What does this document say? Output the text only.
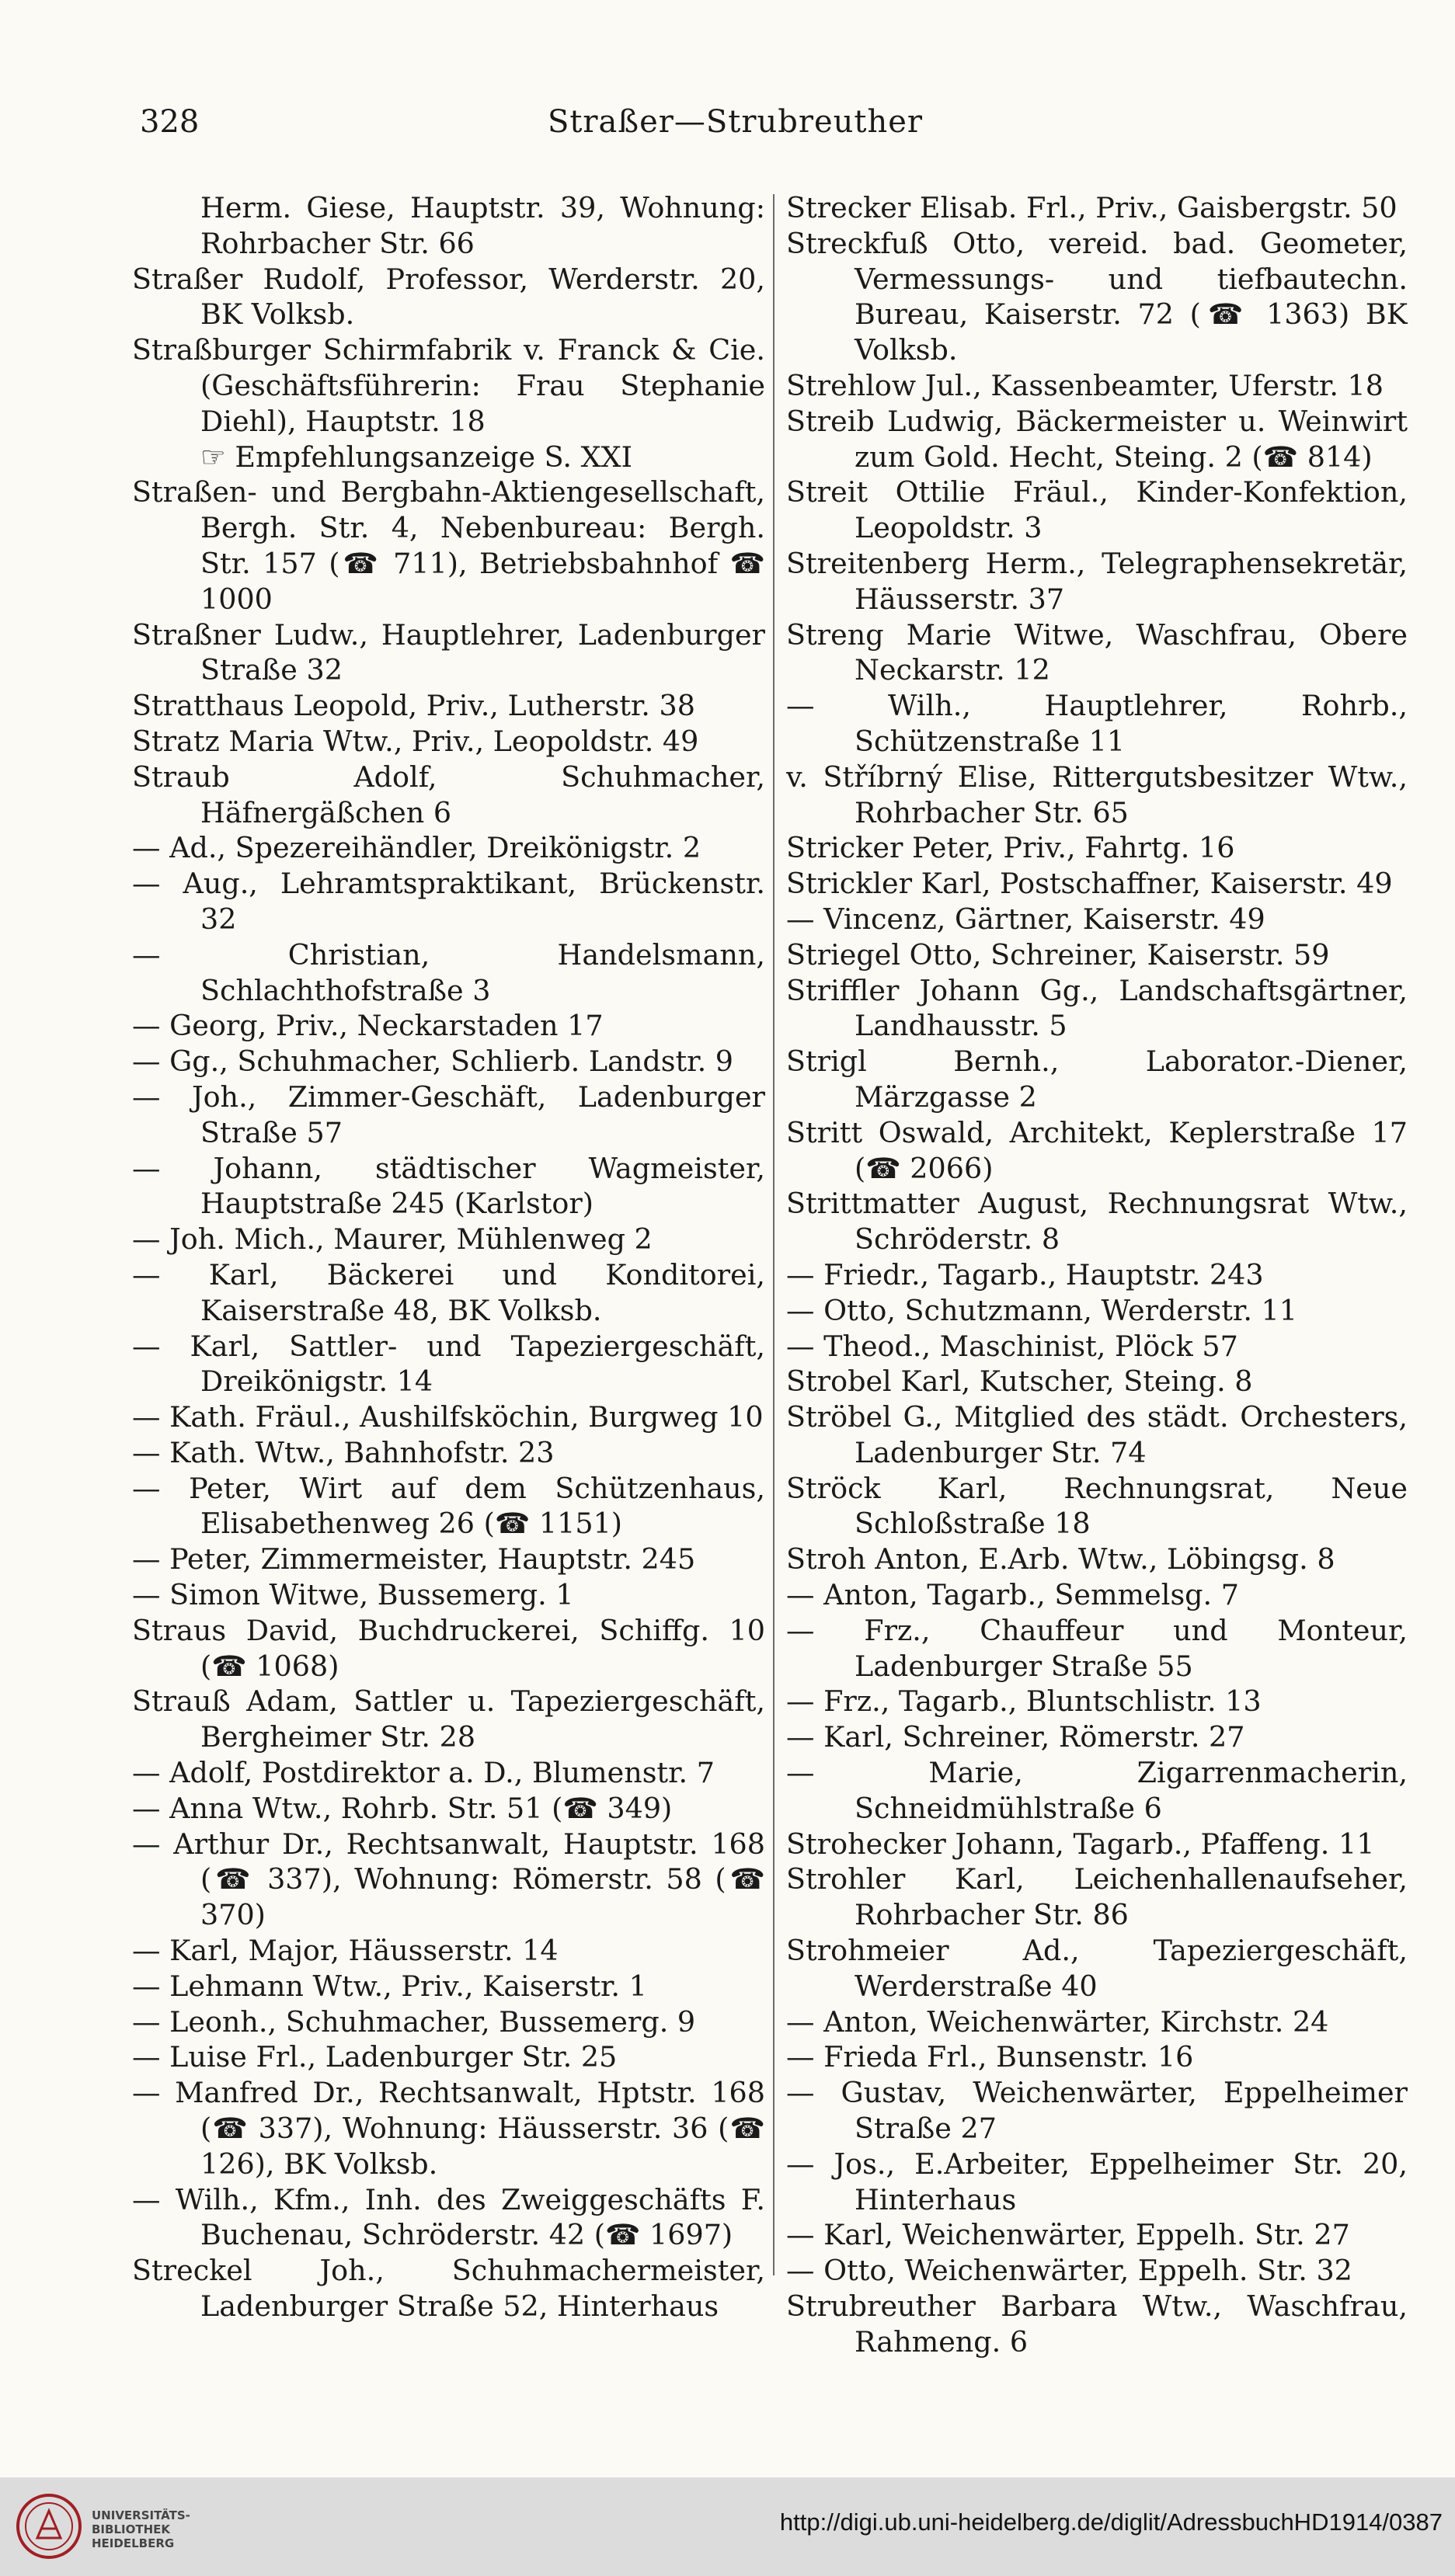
328	Straßer—Strubreuther
Herm. Giese, Hauptstr. 39, Wohnung: Rohrbacher Str. 66
Straßer Rudolf, Professor, Werderstr. 20, BK Volksb.
Straßburger Schirmfabrik v. Franck & Cie. (Geschäftsführerin: Frau Stephanie Diehl), Hauptstr. 18
☞ Empfehlungsanzeige S. XXI
Straßen- und Bergbahn-Aktiengesellschaft, Bergh. Str. 4, Nebenbureau: Bergh. Str. 157 (☎ 711), Betriebsbahnhof ☎ 1000
Straßner Ludw., Hauptlehrer, Ladenburger Straße 32
Stratthaus Leopold, Priv., Lutherstr. 38
Stratz Maria Wtw., Priv., Leopoldstr. 49
Straub Adolf, Schuhmacher, Häfnergäßchen 6
— Ad., Spezereihändler, Dreikönigstr. 2
— Aug., Lehramtspraktikant, Brückenstr. 32
— Christian, Handelsmann, Schlachthofstraße 3
— Georg, Priv., Neckarstaden 17
— Gg., Schuhmacher, Schlierb. Landstr. 9
— Joh., Zimmer-Geschäft, Ladenburger Straße 57
— Johann, städtischer Wagmeister, Hauptstraße 245 (Karlstor)
— Joh. Mich., Maurer, Mühlenweg 2
— Karl, Bäckerei und Konditorei, Kaiserstraße 48, BK Volksb.
— Karl, Sattler- und Tapeziergeschäft, Dreikönigstr. 14
— Kath. Fräul., Aushilfsköchin, Burgweg 10
— Kath. Wtw., Bahnhofstr. 23
— Peter, Wirt auf dem Schützenhaus, Elisabethenweg 26 (☎ 1151)
— Peter, Zimmermeister, Hauptstr. 245
— Simon Witwe, Bussemerg. 1
Straus David, Buchdruckerei, Schiffg. 10 (☎ 1068)
Strauß Adam, Sattler u. Tapeziergeschäft, Bergheimer Str. 28
— Adolf, Postdirektor a. D., Blumenstr. 7
— Anna Wtw., Rohrb. Str. 51 (☎ 349)
— Arthur Dr., Rechtsanwalt, Hauptstr. 168 (☎ 337), Wohnung: Römerstr. 58 (☎ 370)
— Karl, Major, Häusserstr. 14
— Lehmann Wtw., Priv., Kaiserstr. 1
— Leonh., Schuhmacher, Bussemerg. 9
— Luise Frl., Ladenburger Str. 25
— Manfred Dr., Rechtsanwalt, Hptstr. 168 (☎ 337), Wohnung: Häusserstr. 36 (☎ 126), BK Volksb.
— Wilh., Kfm., Inh. des Zweiggeschäfts F. Buchenau, Schröderstr. 42 (☎ 1697)
Streckel Joh., Schuhmachermeister, Ladenburger Straße 52, Hinterhaus
Strecker Elisab. Frl., Priv., Gaisbergstr. 50
Streckfuß Otto, vereid. bad. Geometer, Vermessungs- und tiefbautechn. Bureau, Kaiserstr. 72 (☎ 1363) BK Volksb.
Strehlow Jul., Kassenbeamter, Uferstr. 18
Streib Ludwig, Bäckermeister u. Weinwirt zum Gold. Hecht, Steing. 2 (☎ 814)
Streit Ottilie Fräul., Kinder-Konfektion, Leopoldstr. 3
Streitenberg Herm., Telegraphensekretär, Häusserstr. 37
Streng Marie Witwe, Waschfrau, Obere Neckarstr. 12
— Wilh., Hauptlehrer, Rohrb., Schützenstraße 11
v. Stříbrný Elise, Rittergutsbesitzer Wtw., Rohrbacher Str. 65
Stricker Peter, Priv., Fahrtg. 16
Strickler Karl, Postschaffner, Kaiserstr. 49
— Vincenz, Gärtner, Kaiserstr. 49
Striegel Otto, Schreiner, Kaiserstr. 59
Striffler Johann Gg., Landschaftsgärtner, Landhausstr. 5
Strigl Bernh., Laborator.-Diener, Märzgasse 2
Stritt Oswald, Architekt, Keplerstraße 17 (☎ 2066)
Strittmatter August, Rechnungsrat Wtw., Schröderstr. 8
— Friedr., Tagarb., Hauptstr. 243
— Otto, Schutzmann, Werderstr. 11
— Theod., Maschinist, Plöck 57
Strobel Karl, Kutscher, Steing. 8
Ströbel G., Mitglied des städt. Orchesters, Ladenburger Str. 74
Ströck Karl, Rechnungsrat, Neue Schloßstraße 18
Stroh Anton, E.Arb. Wtw., Löbingsg. 8
— Anton, Tagarb., Semmelsg. 7
— Frz., Chauffeur und Monteur, Ladenburger Straße 55
— Frz., Tagarb., Bluntschlistr. 13
— Karl, Schreiner, Römerstr. 27
— Marie, Zigarrenmacherin, Schneidmühlstraße 6
Strohecker Johann, Tagarb., Pfaffeng. 11
Strohler Karl, Leichenhallenaufseher, Rohrbacher Str. 86
Strohmeier Ad., Tapeziergeschäft, Werderstraße 40
— Anton, Weichenwärter, Kirchstr. 24
— Frieda Frl., Bunsenstr. 16
— Gustav, Weichenwärter, Eppelheimer Straße 27
— Jos., E.Arbeiter, Eppelheimer Str. 20, Hinterhaus
— Karl, Weichenwärter, Eppelh. Str. 27
— Otto, Weichenwärter, Eppelh. Str. 32
Strubreuther Barbara Wtw., Waschfrau, Rahmeng. 6
UNIVERSITÄTS-
BIBLIOTHEK
HEIDELBERG
http://digi.ub.uni-heidelberg.de/diglit/AdressbuchHD1914/0387
